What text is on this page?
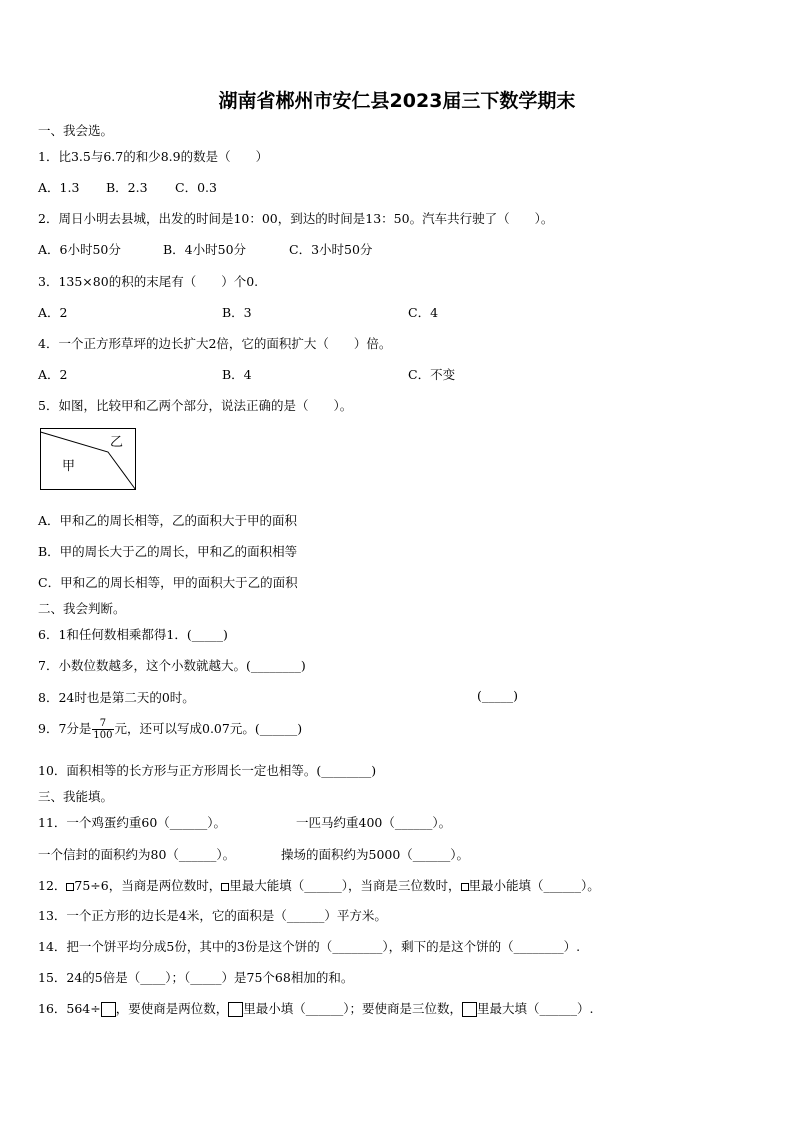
湖南省郴州市安仁县2023届三下数学期末
一、我会选。
1．比3.5与6.7的和少8.9的数是（　　）
A．1.3 B．2.3 C．0.3
2．周日小明去县城，出发的时间是10：00，到达的时间是13：50。汽车共行驶了（　　）。
A．6小时50分	B．4小时50分	C．3小时50分
3．135×80的积的末尾有（　　）个0.
A．2	B．3	C．4
4．一个正方形草坪的边长扩大2倍，它的面积扩大（　　）倍。
A．2	B．4	C．不变
5．如图，比较甲和乙两个部分，说法正确的是（　　）。
乙
甲
A．甲和乙的周长相等，乙的面积大于甲的面积
B．甲的周长大于乙的周长，甲和乙的面积相等
C．甲和乙的周长相等，甲的面积大于乙的面积
二、我会判断。
6．1和任何数相乘都得1．(_____)
7．小数位数越多，这个小数就越大。(________)
8．24时也是第二天的0时。	(_____)
9．7分是 $\frac{7}{100}$ 元，还可以写成0.07元。(______)
10．面积相等的长方形与正方形周长一定也相等。(________)
三、我能填。
11．一个鸡蛋约重60（______）。	一匹马约重400（______）。
一个信封的面积约为80（______）。	操场的面积约为5000（______）。
12． 75÷6，当商是两位数时， 里最大能填（______），当商是三位数时， 里最小能填（______）。
13．一个正方形的边长是4米，它的面积是（______）平方米。
14．把一个饼平均分成5份，其中的3份是这个饼的（________），剩下的是这个饼的（________）.
15．24的5倍是（____）；（_____）是75个68相加的和。
16．564÷ ，要使商是两位数， 里最小填（______）；要使商是三位数， 里最大填（______）.
